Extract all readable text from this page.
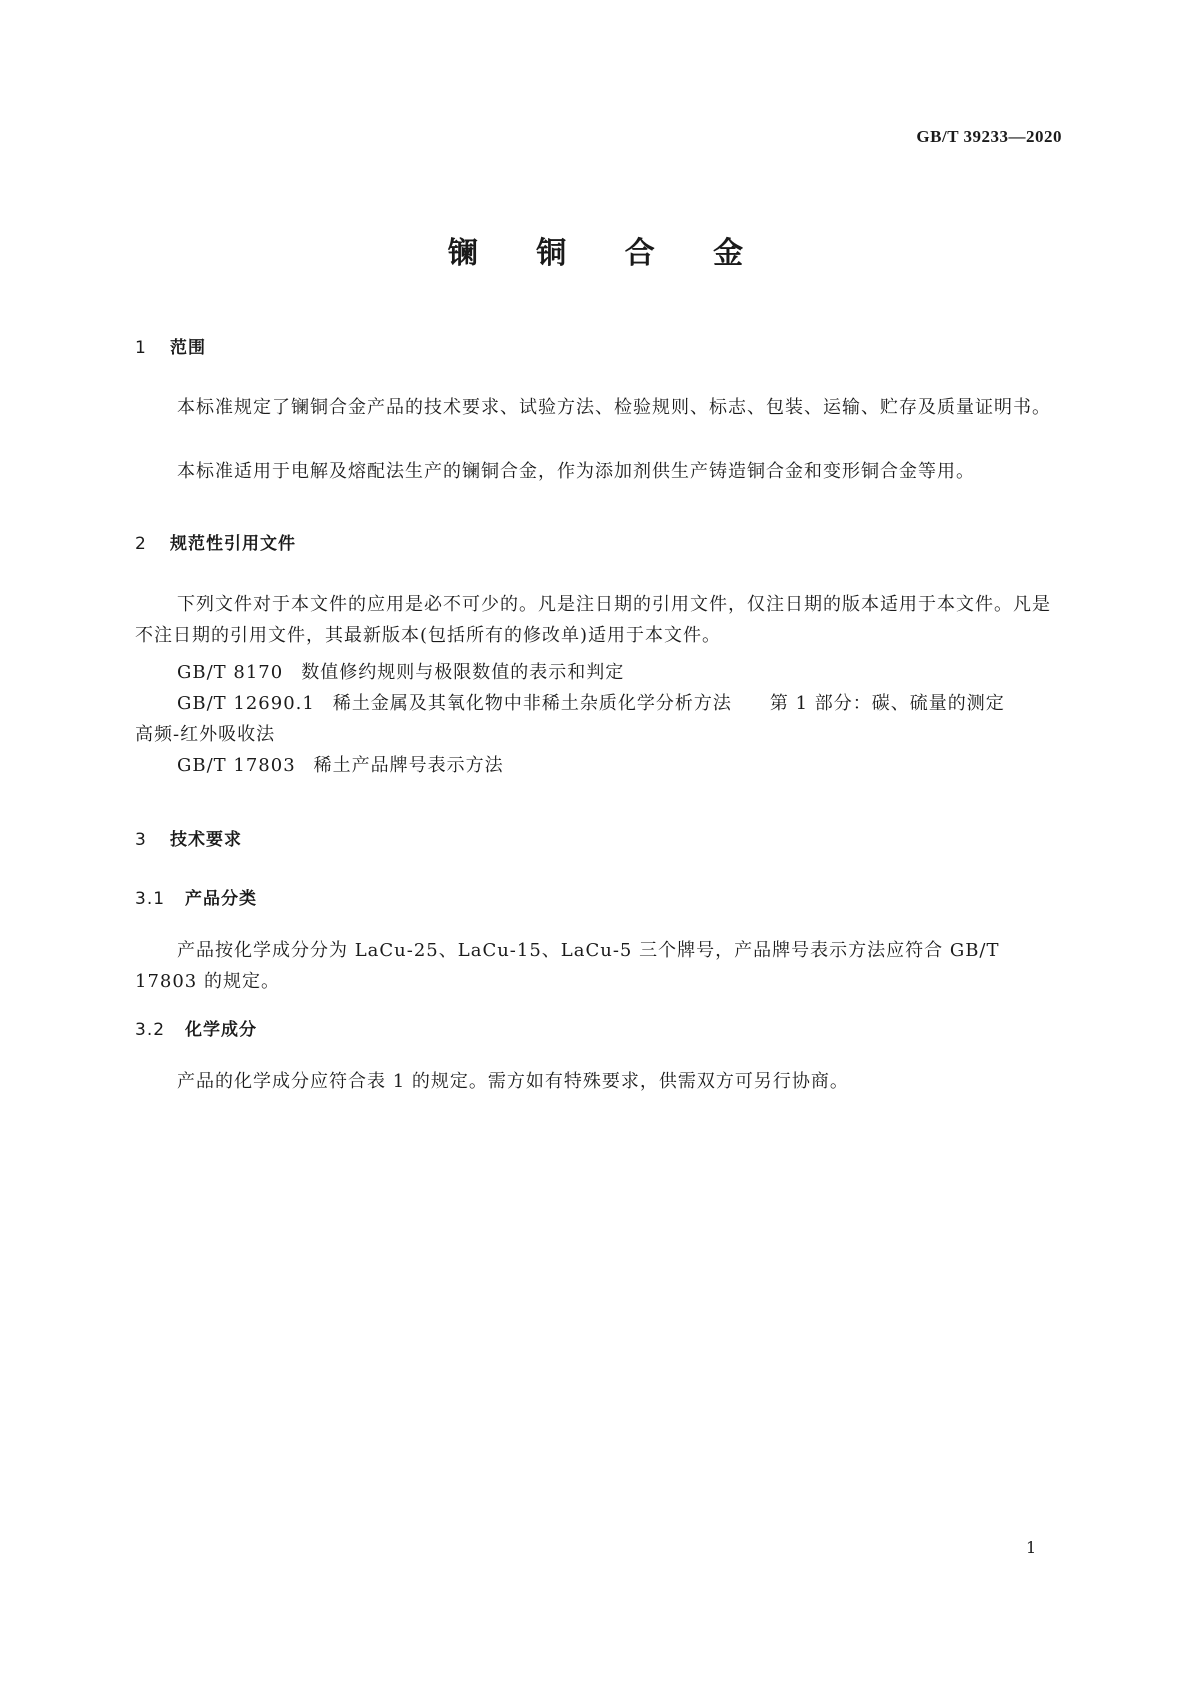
GB/T 39233—2020
镧 铜 合 金
1 范围
本标准规定了镧铜合金产品的技术要求、试验方法、检验规则、标志、包装、运输、贮存及质量证明书。
本标准适用于电解及熔配法生产的镧铜合金，作为添加剂供生产铸造铜合金和变形铜合金等用。
2 规范性引用文件
下列文件对于本文件的应用是必不可少的。凡是注日期的引用文件，仅注日期的版本适用于本文件。凡是不注日期的引用文件，其最新版本(包括所有的修改单)适用于本文件。
GB/T 8170 数值修约规则与极限数值的表示和判定
GB/T 12690.1 稀土金属及其氧化物中非稀土杂质化学分析方法　　第 1 部分：碳、硫量的测定
高频-红外吸收法
GB/T 17803 稀土产品牌号表示方法
3 技术要求
3.1 产品分类
产品按化学成分分为 LaCu-25、LaCu-15、LaCu-5 三个牌号，产品牌号表示方法应符合 GB/T 17803 的规定。
3.2 化学成分
产品的化学成分应符合表 1 的规定。需方如有特殊要求，供需双方可另行协商。
1
